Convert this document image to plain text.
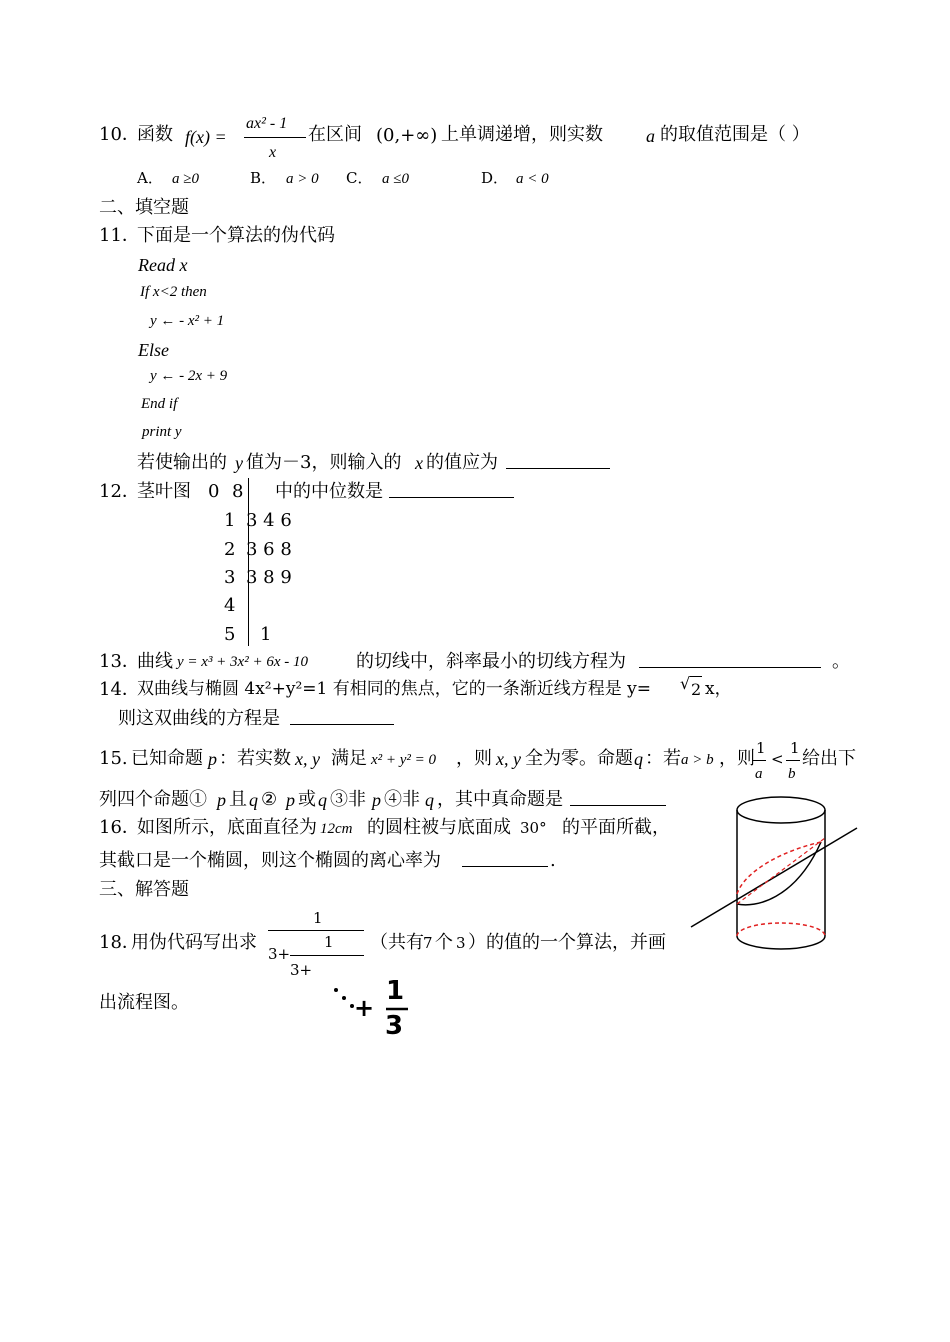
10．
函数 f(x) =
ax² - 1
x
在区间 (0,+∞) 上单调递增，则实数 a 的取值范围是（ ）
A． a ≥0	B． a > 0 C． a ≤0	D． a < 0
二、填空题
11．
下面是一个算法的伪代码
Read x
If x<2 then
y ← - x² + 1
Else
y ← - 2x + 9
End if
print y
若使输出的 y 值为－3，则输入的 x 的值应为
12．
茎叶图	中的中位数是
0 8
1 3 4 6
2 3 6 8
3 3 8 9
4
5 1
13．
曲线 y = x³ + 3x² + 6x - 10	的切线中，斜率最小的切线方程为	。
14．
双曲线与椭圆 4x²+y²=1 有相同的焦点，它的一条渐近线方程是 y= √ 2 x，
则这双曲线的方程是
15. 已知命题 p ：若实数 x, y 满足 x² + y² = 0 ，则 x, y 全为零。命题 q ：若 a > b ，则 1
a
<
1
b
给出下
列四个命题① p 且 q ② p 或 q ③非 p ④非 q ，其中真命题是
16．
如图所示，底面直径为 12cm 的圆柱被与底面成 30° 的平面所截，
其截口是一个椭圆，则这个椭圆的离心率为	.
三、解答题
18．
用伪代码写出求
1
3+
1
3+
（共有 7 个 3 ）的值的一个算法，并画
出流程图。	+
1
3
